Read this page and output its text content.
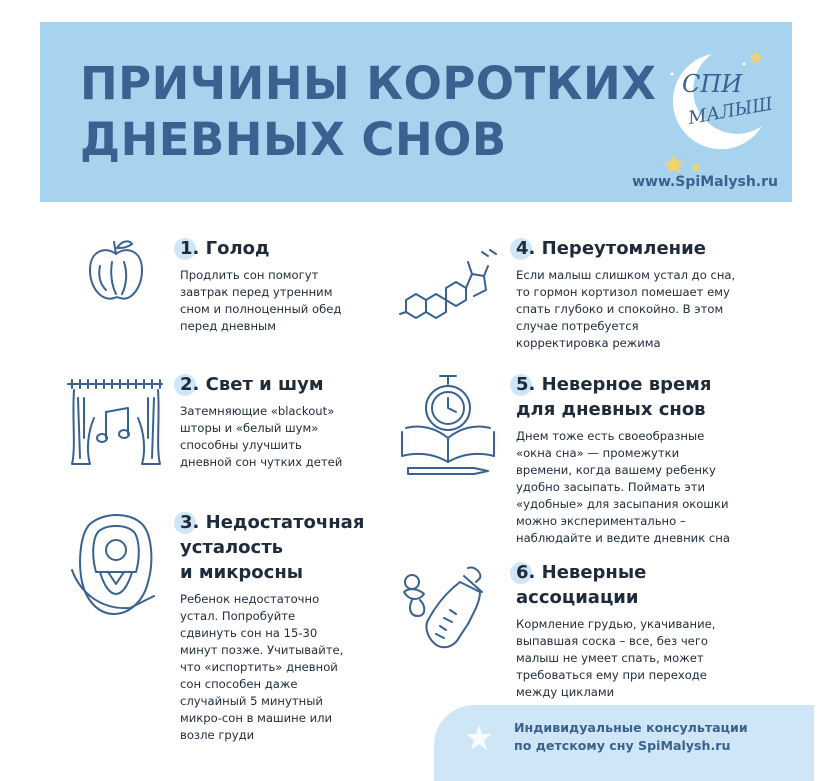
ПРИЧИНЫ КОРОТКИХ
ДНЕВНЫХ СНОВ
СПИ
МАЛЫШ
www.SpiMalysh.ru
1. Голод

Продлить сон помогут
завтрак перед утренним
сном и полноценный обед
перед дневным

2. Свет и шум

Затемняющие «blackout»
шторы и «белый шум»
способны улучшить
дневной сон чутких детей

3. Недостаточная
усталость
и микросны

Ребенок недостаточно
устал. Попробуйте
сдвинуть сон на 15-30
минут позже. Учитывайте,
что «испортить» дневной
сон способен даже
случайный 5 минутный
микро-сон в машине или
возле груди

4. Переутомление

Если малыш слишком устал до сна,
то гормон кортизол помешает ему
спать глубоко и спокойно. В этом
случае потребуется
корректировка режима

5. Неверное время
для дневных снов

Днем тоже есть своеобразные
«окна сна» — промежутки
времени, когда вашему ребенку
удобно засыпать. Поймать эти
«удобные» для засыпания окошки
можно экспериментально –
наблюдайте и ведите дневник сна

6. Неверные
ассоциации

Кормление грудью, укачивание,
выпавшая соска – все, без чего
малыш не умеет спать, может
требоваться ему при переходе
между циклами

Индивидуальные консультации
по детскому сну SpiMalysh.ru
